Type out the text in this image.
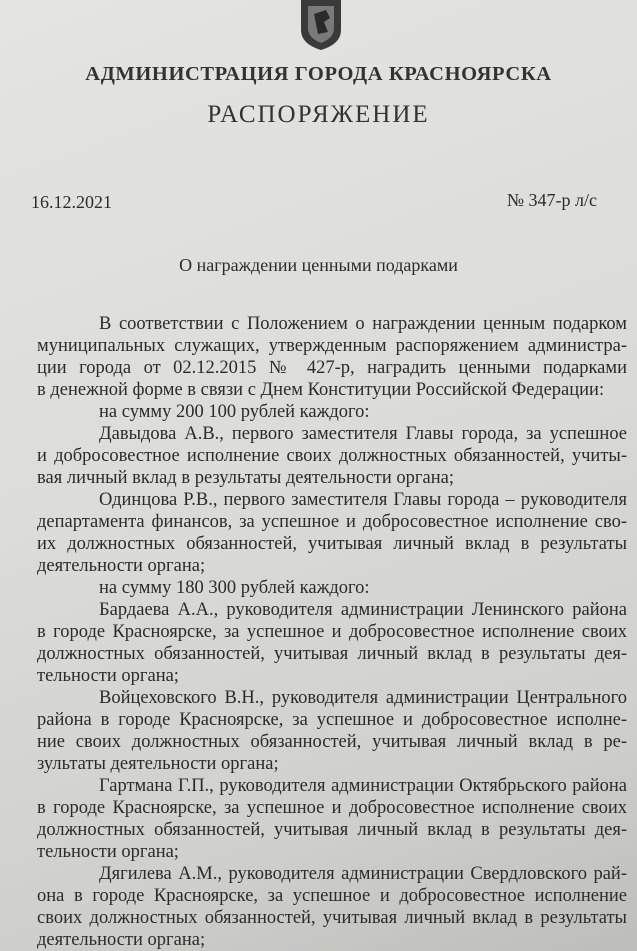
АДМИНИСТРАЦИЯ ГОРОДА КРАСНОЯРСКА
РАСПОРЯЖЕНИЕ
16.12.2021	№ 347-р л/с
О награждении ценными подарками
В соответствии с Положением о награждении ценным подарком
муниципальных служащих, утвержденным распоряжением администра-
ции города от 02.12.2015 № 427-р, наградить ценными подарками
в денежной форме в связи с Днем Конституции Российской Федерации:
на сумму 200 100 рублей каждого:
Давыдова А.В., первого заместителя Главы города, за успешное
и добросовестное исполнение своих должностных обязанностей, учиты-
вая личный вклад в результаты деятельности органа;
Одинцова Р.В., первого заместителя Главы города – руководителя
департамента финансов, за успешное и добросовестное исполнение сво-
их должностных обязанностей, учитывая личный вклад в результаты
деятельности органа;
на сумму 180 300 рублей каждого:
Бардаева А.А., руководителя администрации Ленинского района
в городе Красноярске, за успешное и добросовестное исполнение своих
должностных обязанностей, учитывая личный вклад в результаты дея-
тельности органа;
Войцеховского В.Н., руководителя администрации Центрального
района в городе Красноярске, за успешное и добросовестное исполне-
ние своих должностных обязанностей, учитывая личный вклад в ре-
зультаты деятельности органа;
Гартмана Г.П., руководителя администрации Октябрьского района
в городе Красноярске, за успешное и добросовестное исполнение своих
должностных обязанностей, учитывая личный вклад в результаты дея-
тельности органа;
Дягилева А.М., руководителя администрации Свердловского рай-
она в городе Красноярске, за успешное и добросовестное исполнение
своих должностных обязанностей, учитывая личный вклад в результаты
деятельности органа;
